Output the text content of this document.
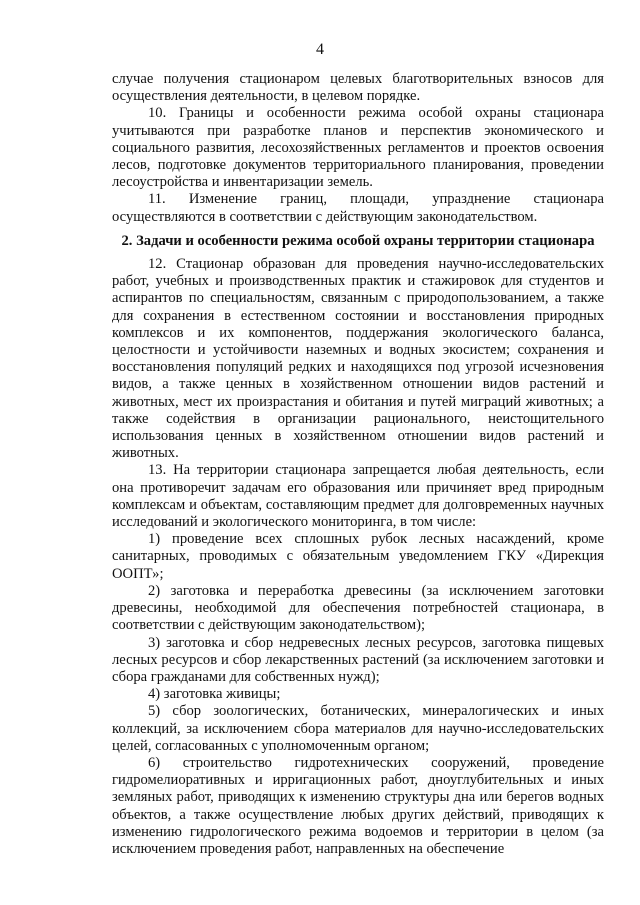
4

случае получения стационаром целевых благотворительных взносов для осуществления деятельности, в целевом порядке.

10. Границы и особенности режима особой охраны стационара учитываются при разработке планов и перспектив экономического и социального развития, лесохозяйственных регламентов и проектов освоения лесов, подготовке документов территориального планирования, проведении лесоустройства и инвентаризации земель.

11. Изменение границ, площади, упразднение стационара осуществляются в соответствии с действующим законодательством.

2. Задачи и особенности режима особой охраны территории стационара

12. Стационар образован для проведения научно-исследовательских работ, учебных и производственных практик и стажировок для студентов и аспирантов по специальностям, связанным с природопользованием, а также для сохранения в естественном состоянии и восстановления природных комплексов и их компонентов, поддержания экологического баланса, целостности и устойчивости наземных и водных экосистем; сохранения и восстановления популяций редких и находящихся под угрозой исчезновения видов, а также ценных в хозяйственном отношении видов растений и животных, мест их произрастания и обитания и путей миграций животных; а также содействия в организации рационального, неистощительного использования ценных в хозяйственном отношении видов растений и животных.

13. На территории стационара запрещается любая деятельность, если она противоречит задачам его образования или причиняет вред природным комплексам и объектам, составляющим предмет для долговременных научных исследований и экологического мониторинга, в том числе:

1) проведение всех сплошных рубок лесных насаждений, кроме санитарных, проводимых с обязательным уведомлением ГКУ «Дирекция ООПТ»;

2) заготовка и переработка древесины (за исключением заготовки древесины, необходимой для обеспечения потребностей стационара, в соответствии с действующим законодательством);

3) заготовка и сбор недревесных лесных ресурсов, заготовка пищевых лесных ресурсов и сбор лекарственных растений (за исключением заготовки и сбора гражданами для собственных нужд);

4) заготовка живицы;

5) сбор зоологических, ботанических, минералогических и иных коллекций, за исключением сбора материалов для научно-исследовательских целей, согласованных с уполномоченным органом;

6) строительство гидротехнических сооружений, проведение гидромелиоративных и ирригационных работ, дноуглубительных и иных земляных работ, приводящих к изменению структуры дна или берегов водных объектов, а также осуществление любых других действий, приводящих к изменению гидрологического режима водоемов и территории в целом (за исключением проведения работ, направленных на обеспечение
